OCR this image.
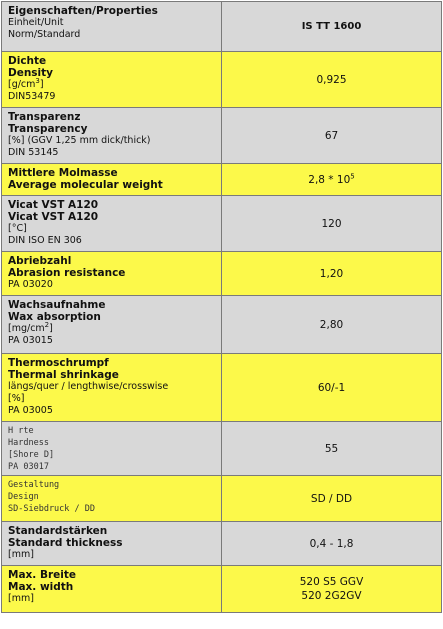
Eigenschaften/Properties
Einheit/Unit
Norm/Standard
IS TT 1600
Dichte
Density
$[g/cm^3]$
DIN53479
0,925
Transparenz
Transparency
[%] (GGV 1,25 mm dick/thick)
DIN 53145
67
Mittlere Molmasse
Average molecular weight	$2,8 * 10^5$
Vicat VST A120
Vicat VST A120
[°C]
DIN ISO EN 306
120
Abriebzahl
Abrasion resistance
PA 03020
1,20
Wachsaufnahme
Wax absorption
$[mg/cm^2]$
PA 03015
2,80
Thermoschrumpf
Thermal shrinkage
längs/quer / lengthwise/crosswise
[%]
PA 03005
60/-1
H rte
Hardness
[Shore D]
PA 03017
55
Gestaltung
Design
SD-Siebdruck / DD
SD / DD
Standardstärken
Standard thickness
[mm]
0,4 - 1,8
Max. Breite
Max. width
[mm]
520 S5 GGV
520 2G2GV
